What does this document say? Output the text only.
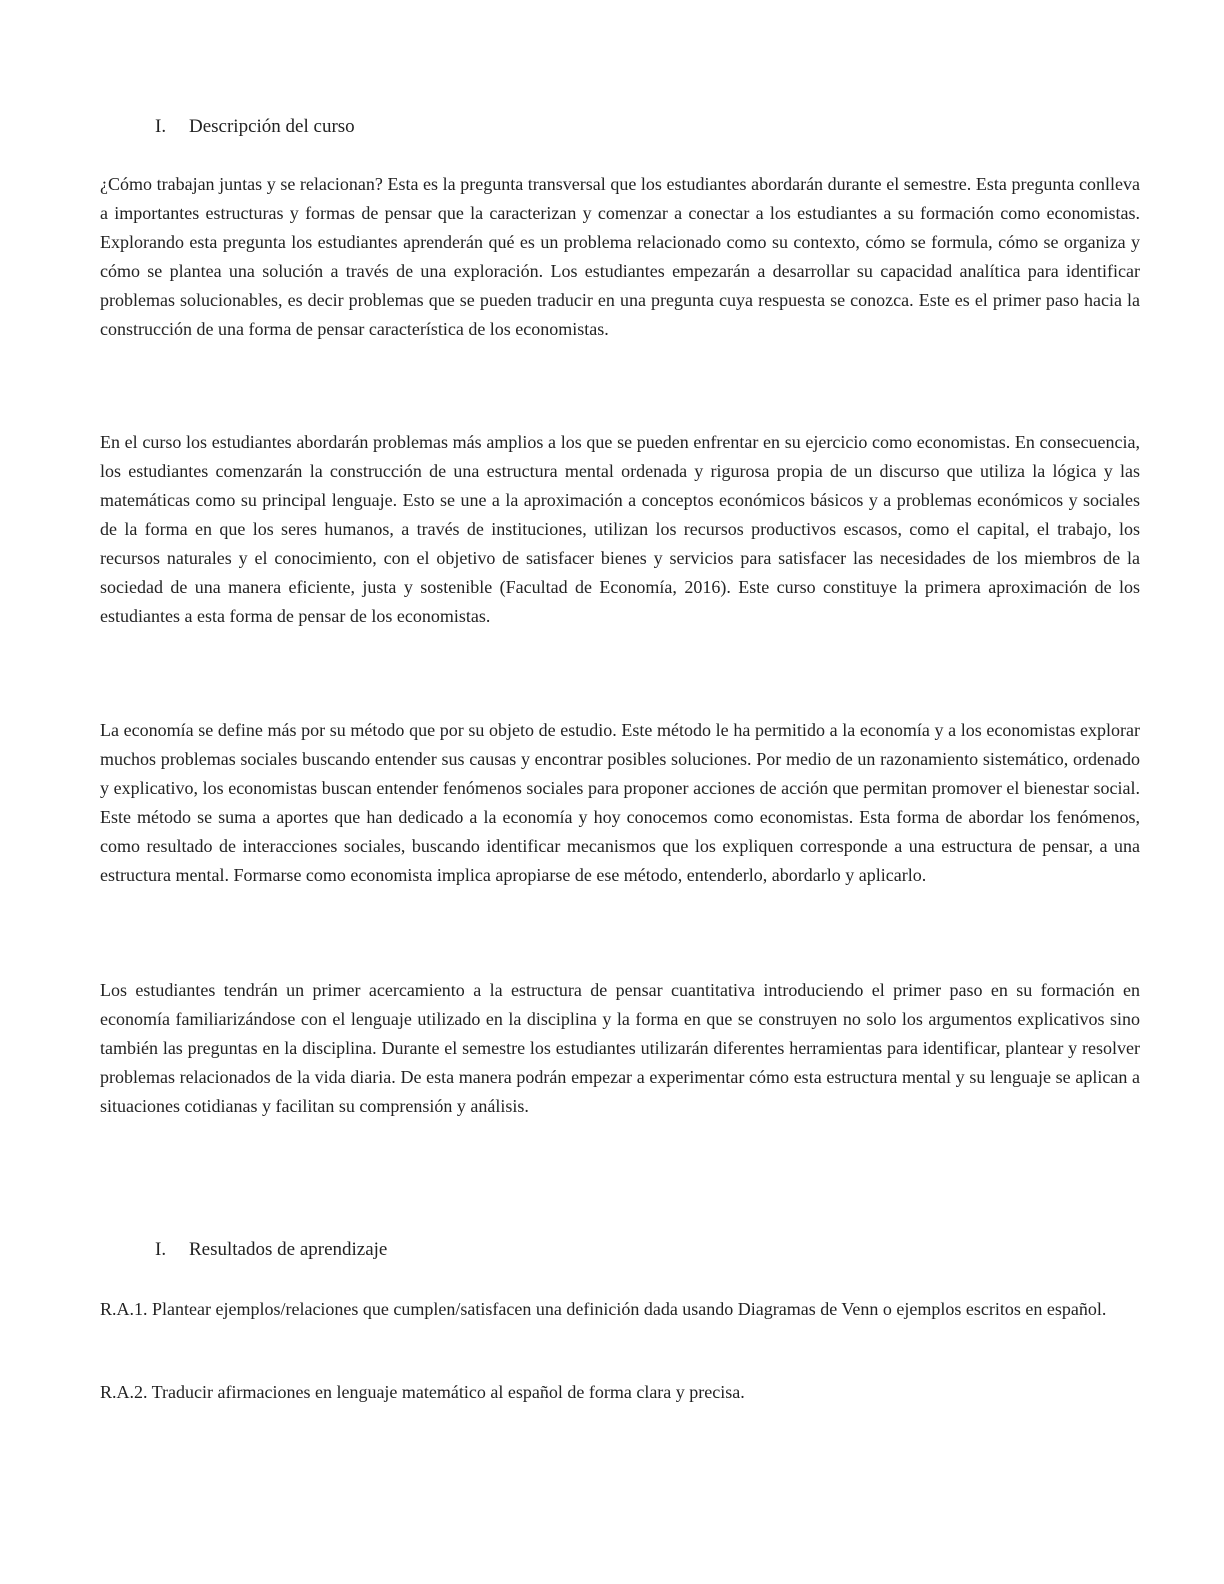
I. Descripción del curso

¿Cómo trabajan juntas y se relacionan? Esta es la pregunta transversal que los estudiantes abordarán durante el semestre. Esta pregunta conlleva a importantes estructuras y formas de pensar que la caracterizan y comenzar a conectar a los estudiantes a su formación como economistas. Explorando esta pregunta los estudiantes aprenderán qué es un problema relacionado como su contexto, cómo se formula, cómo se organiza y cómo se plantea una solución a través de una exploración. Los estudiantes empezarán a desarrollar su capacidad analítica para identificar problemas solucionables, es decir problemas que se pueden traducir en una pregunta cuya respuesta se conozca. Este es el primer paso hacia la construcción de una forma de pensar característica de los economistas.

En el curso los estudiantes abordarán problemas más amplios a los que se pueden enfrentar en su ejercicio como economistas. En consecuencia, los estudiantes comenzarán la construcción de una estructura mental ordenada y rigurosa propia de un discurso que utiliza la lógica y las matemáticas como su principal lenguaje. Esto se une a la aproximación a conceptos económicos básicos y a problemas económicos y sociales de la forma en que los seres humanos, a través de instituciones, utilizan los recursos productivos escasos, como el capital, el trabajo, los recursos naturales y el conocimiento, con el objetivo de satisfacer bienes y servicios para satisfacer las necesidades de los miembros de la sociedad de una manera eficiente, justa y sostenible (Facultad de Economía, 2016). Este curso constituye la primera aproximación de los estudiantes a esta forma de pensar de los economistas.

La economía se define más por su método que por su objeto de estudio. Este método le ha permitido a la economía y a los economistas explorar muchos problemas sociales buscando entender sus causas y encontrar posibles soluciones. Por medio de un razonamiento sistemático, ordenado y explicativo, los economistas buscan entender fenómenos sociales para proponer acciones de acción que permitan promover el bienestar social. Este método se suma a aportes que han dedicado a la economía y hoy conocemos como economistas. Esta forma de abordar los fenómenos, como resultado de interacciones sociales, buscando identificar mecanismos que los expliquen corresponde a una estructura de pensar, a una estructura mental. Formarse como economista implica apropiarse de ese método, entenderlo, abordarlo y aplicarlo.

Los estudiantes tendrán un primer acercamiento a la estructura de pensar cuantitativa introduciendo el primer paso en su formación en economía familiarizándose con el lenguaje utilizado en la disciplina y la forma en que se construyen no solo los argumentos explicativos sino también las preguntas en la disciplina. Durante el semestre los estudiantes utilizarán diferentes herramientas para identificar, plantear y resolver problemas relacionados de la vida diaria. De esta manera podrán empezar a experimentar cómo esta estructura mental y su lenguaje se aplican a situaciones cotidianas y facilitan su comprensión y análisis.

I. Resultados de aprendizaje

R.A.1. Plantear ejemplos/relaciones que cumplen/satisfacen una definición dada usando Diagramas de Venn o ejemplos escritos en español.

R.A.2. Traducir afirmaciones en lenguaje matemático al español de forma clara y precisa.
